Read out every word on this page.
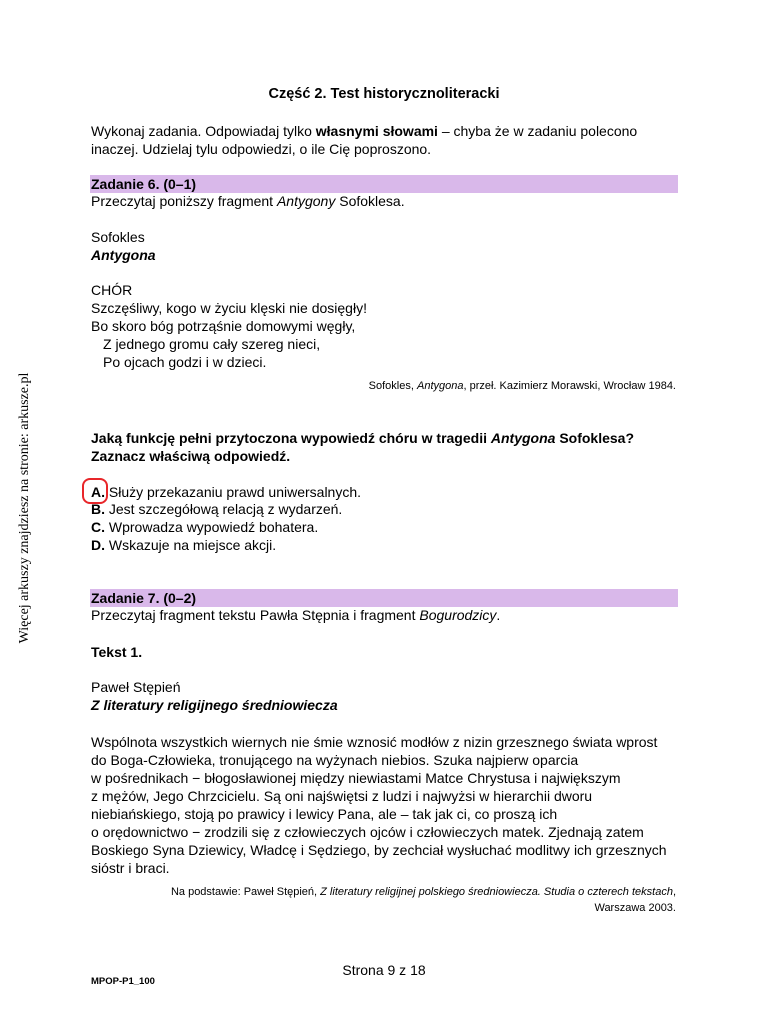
Więcej arkuszy znajdziesz na stronie: arkusze.pl
Część 2. Test historycznoliteracki
Wykonaj zadania. Odpowiadaj tylko własnymi słowami – chyba że w zadaniu polecono
inaczej. Udzielaj tylu odpowiedzi, o ile Cię poproszono.
Zadanie 6. (0–1)
Przeczytaj poniższy fragment Antygony Sofoklesa.
Sofokles
Antygona
CHÓR
Szczęśliwy, kogo w życiu klęski nie dosięgły!
Bo skoro bóg potrząśnie domowymi węgły,
Z jednego gromu cały szereg nieci,
Po ojcach godzi i w dzieci.
Sofokles, Antygona, przeł. Kazimierz Morawski, Wrocław 1984.
Jaką funkcję pełni przytoczona wypowiedź chóru w tragedii Antygona Sofoklesa?
Zaznacz właściwą odpowiedź.
A. Służy przekazaniu prawd uniwersalnych.
B. Jest szczegółową relacją z wydarzeń.
C. Wprowadza wypowiedź bohatera.
D. Wskazuje na miejsce akcji.
Zadanie 7. (0–2)
Przeczytaj fragment tekstu Pawła Stępnia i fragment Bogurodzicy.
Tekst 1.
Paweł Stępień
Z literatury religijnego średniowiecza
Wspólnota wszystkich wiernych nie śmie wznosić modłów z nizin grzesznego świata wprost
do Boga-Człowieka, tronującego na wyżynach niebios. Szuka najpierw oparcia
w pośrednikach − błogosławionej między niewiastami Matce Chrystusa i największym
z mężów, Jego Chrzcicielu. Są oni najświętsi z ludzi i najwyżsi w hierarchii dworu
niebiańskiego, stoją po prawicy i lewicy Pana, ale – tak jak ci, co proszą ich
o orędownictwo − zrodzili się z człowieczych ojców i człowieczych matek. Zjednają zatem
Boskiego Syna Dziewicy, Władcę i Sędziego, by zechciał wysłuchać modlitwy ich grzesznych
sióstr i braci.
Na podstawie: Paweł Stępień, Z literatury religijnej polskiego średniowiecza. Studia o czterech tekstach,
Warszawa 2003.
Strona 9 z 18
MPOP-P1_100
